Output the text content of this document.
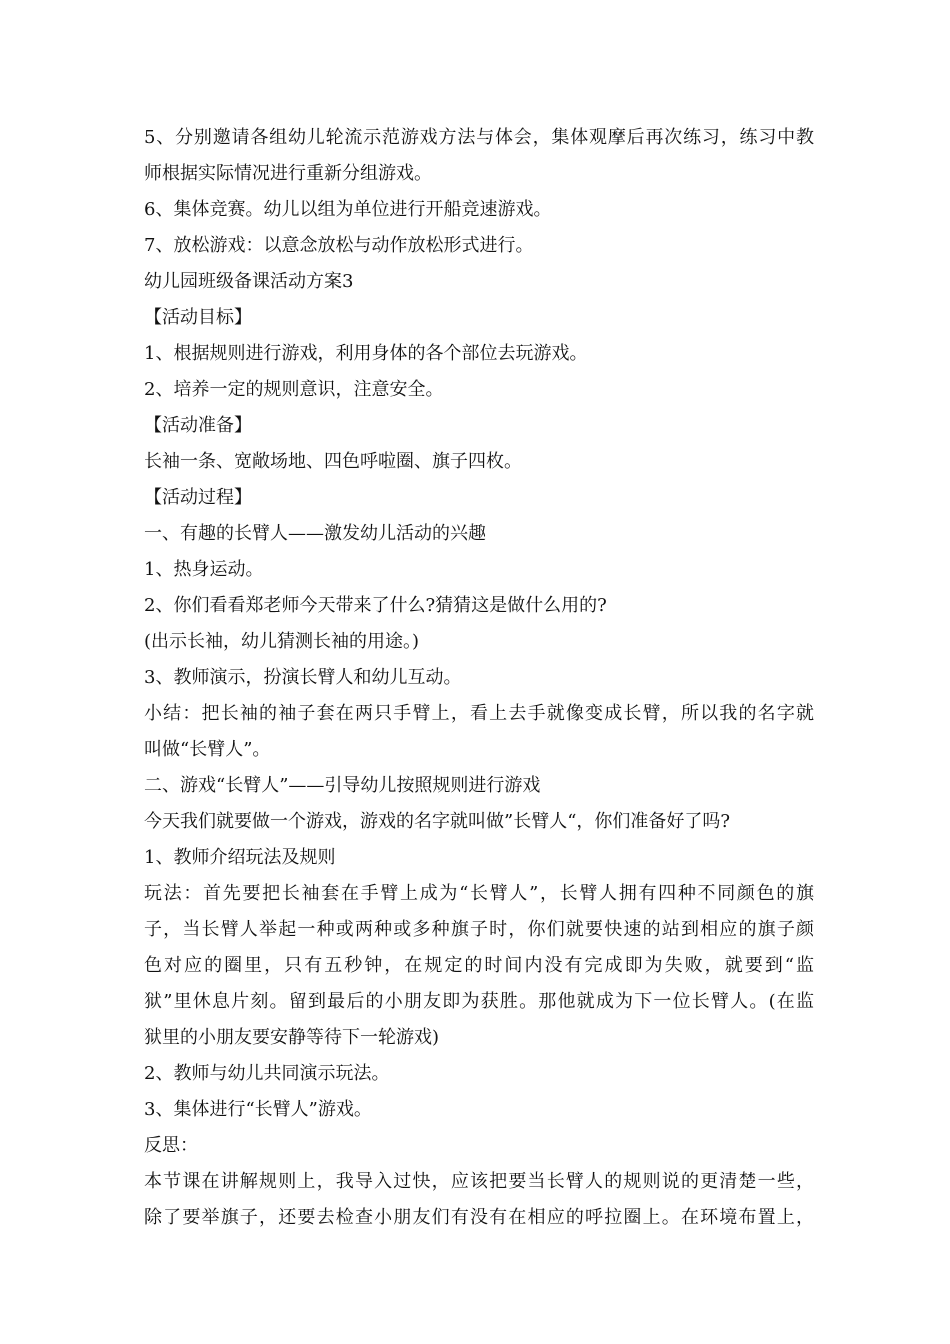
5、分别邀请各组幼儿轮流示范游戏方法与体会，集体观摩后再次练习，练习中教
师根据实际情况进行重新分组游戏。
6、集体竞赛。幼儿以组为单位进行开船竞速游戏。
7、放松游戏：以意念放松与动作放松形式进行。
幼儿园班级备课活动方案3
【活动目标】
1、根据规则进行游戏，利用身体的各个部位去玩游戏。
2、培养一定的规则意识，注意安全。
【活动准备】
长袖一条、宽敞场地、四色呼啦圈、旗子四枚。
【活动过程】
一、有趣的长臂人——激发幼儿活动的兴趣
1、热身运动。
2、你们看看郑老师今天带来了什么?猜猜这是做什么用的?
(出示长袖，幼儿猜测长袖的用途。)
3、教师演示，扮演长臂人和幼儿互动。
小结：把长袖的袖子套在两只手臂上，看上去手就像变成长臂，所以我的名字就
叫做“长臂人”。
二、游戏“长臂人”——引导幼儿按照规则进行游戏
今天我们就要做一个游戏，游戏的名字就叫做”长臂人“，你们准备好了吗?
1、教师介绍玩法及规则
玩法：首先要把长袖套在手臂上成为“长臂人”，长臂人拥有四种不同颜色的旗
子，当长臂人举起一种或两种或多种旗子时，你们就要快速的站到相应的旗子颜
色对应的圈里，只有五秒钟，在规定的时间内没有完成即为失败，就要到“监
狱”里休息片刻。留到最后的小朋友即为获胜。那他就成为下一位长臂人。(在监
狱里的小朋友要安静等待下一轮游戏)
2、教师与幼儿共同演示玩法。
3、集体进行“长臂人”游戏。
反思：
本节课在讲解规则上，我导入过快，应该把要当长臂人的规则说的更清楚一些，
除了要举旗子，还要去检查小朋友们有没有在相应的呼拉圈上。在环境布置上，
